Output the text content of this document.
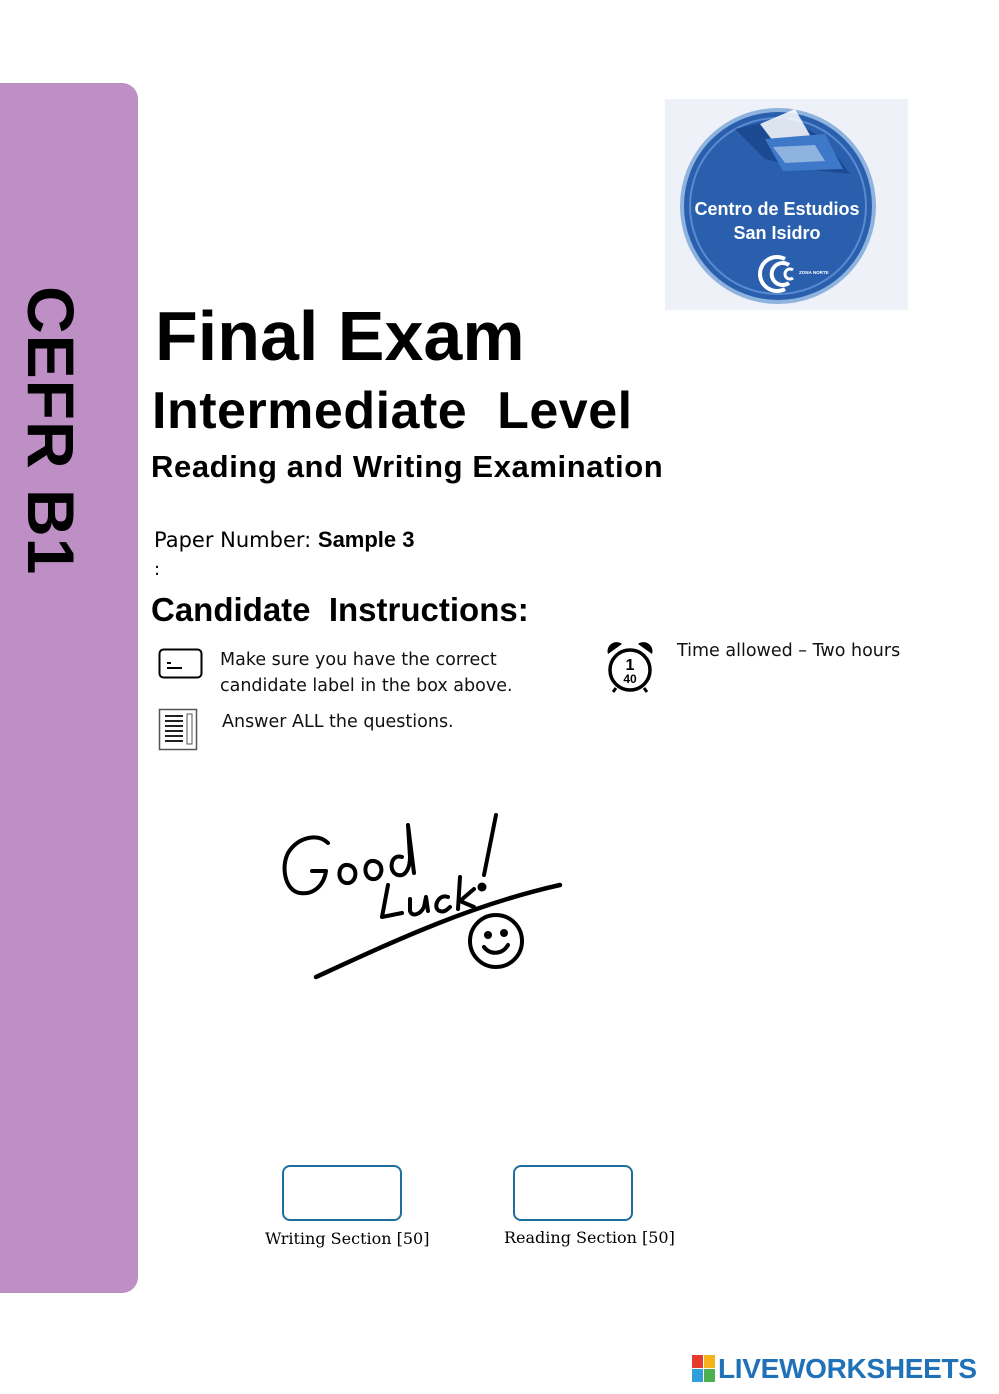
CEFR B1
Centro de Estudios
San Isidro
ZONA NORTE
Final Exam
Intermediate  Level
Reading and Writing Examination
Paper Number: Sample 3
:
Candidate  Instructions:
Make sure you have the correct
candidate label in the box above.
Answer ALL the questions.
1
40
Time allowed – Two hours
Writing Section [50]	Reading Section [50]
LIVEWORKSHEETS
